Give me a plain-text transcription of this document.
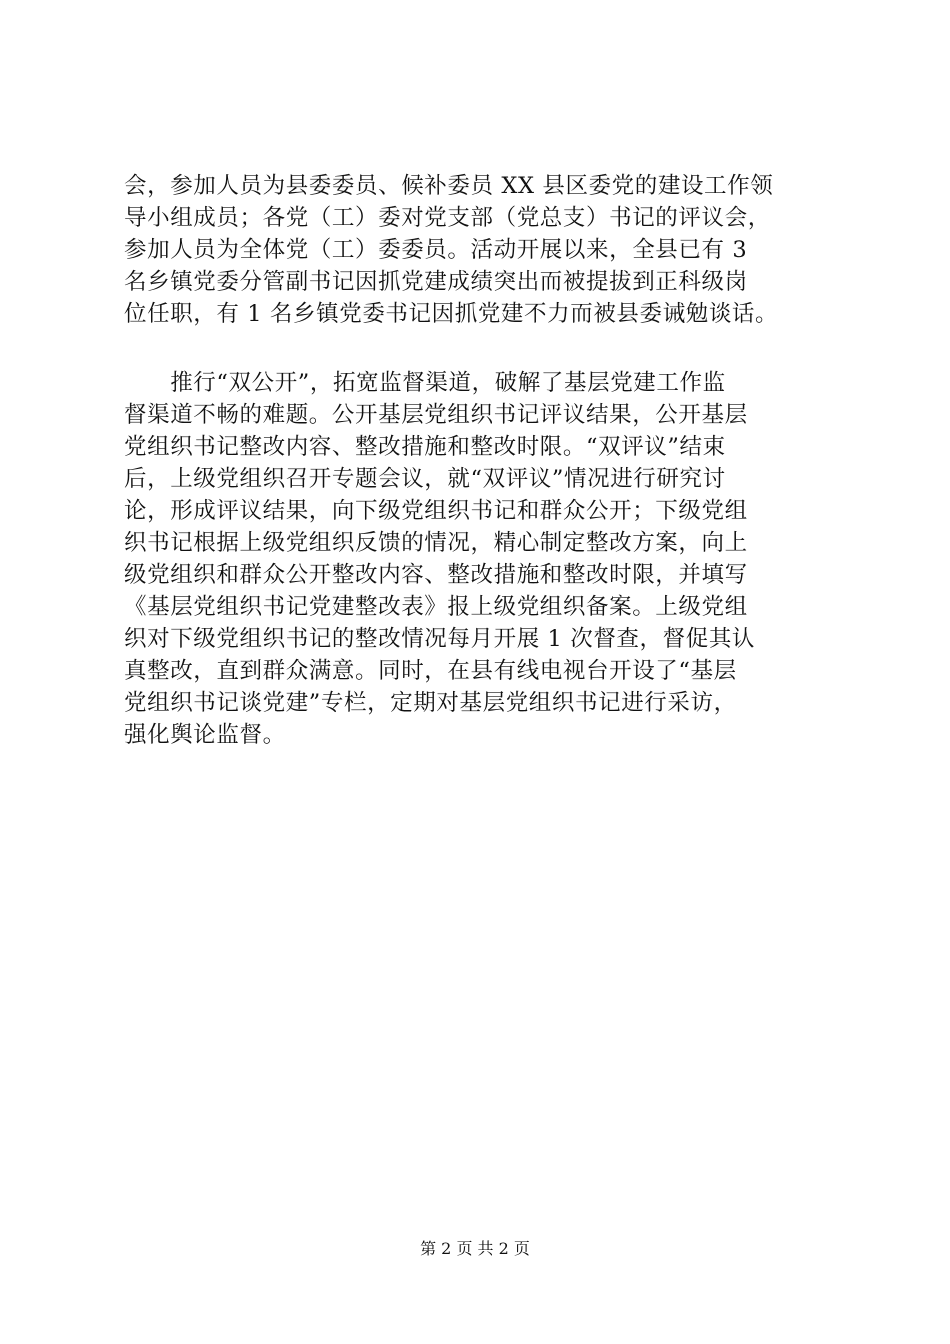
会，参加人员为县委委员、候补委员 XX 县区委党的建设工作领
导小组成员；各党（工）委对党支部（党总支）书记的评议会，
参加人员为全体党（工）委委员。活动开展以来，全县已有 3
名乡镇党委分管副书记因抓党建成绩突出而被提拔到正科级岗
位任职，有 1 名乡镇党委书记因抓党建不力而被县委诫勉谈话。
　　推行“双公开”，拓宽监督渠道，破解了基层党建工作监
督渠道不畅的难题。公开基层党组织书记评议结果，公开基层
党组织书记整改内容、整改措施和整改时限。“双评议”结束
后，上级党组织召开专题会议，就“双评议”情况进行研究讨
论，形成评议结果，向下级党组织书记和群众公开；下级党组
织书记根据上级党组织反馈的情况，精心制定整改方案，向上
级党组织和群众公开整改内容、整改措施和整改时限，并填写
《基层党组织书记党建整改表》报上级党组织备案。上级党组
织对下级党组织书记的整改情况每月开展 1 次督查，督促其认
真整改，直到群众满意。同时，在县有线电视台开设了“基层
党组织书记谈党建”专栏，定期对基层党组织书记进行采访，
强化舆论监督。
第 2 页 共 2 页
